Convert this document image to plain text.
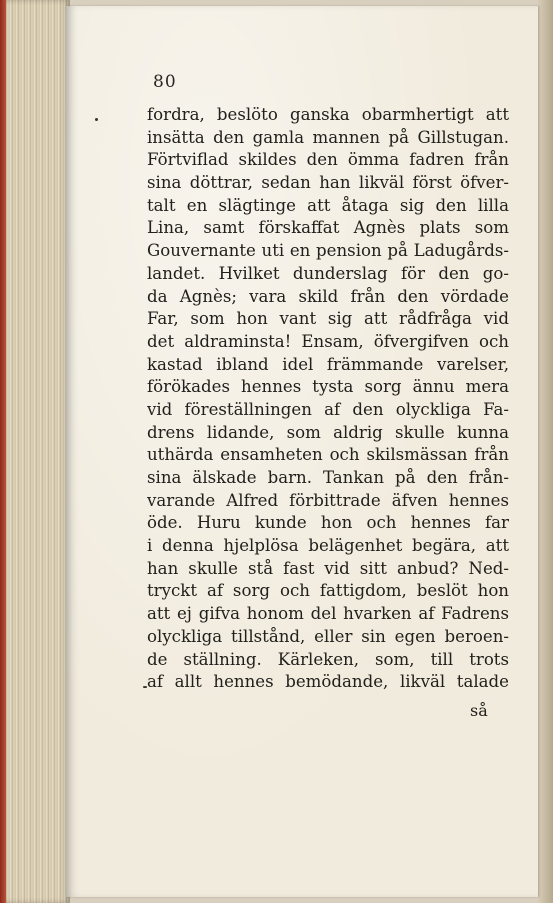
80
fordra, beslöto ganska obarmhertigt att
insätta den gamla mannen på Gillstugan.
Förtviflad skildes den ömma fadren från
sina döttrar, sedan han likväl först öfver-
talt en slägtinge att åtaga sig den lilla
Lina, samt förskaffat Agnès plats som
Gouvernante uti en pension på Ladugårds-
landet. Hvilket dunderslag för den go-
da Agnès; vara skild från den vördade
Far, som hon vant sig att rådfråga vid
det aldraminsta! Ensam, öfvergifven och
kastad ibland idel främmande varelser,
förökades hennes tysta sorg ännu mera
vid föreställningen af den olyckliga Fa-
drens lidande, som aldrig skulle kunna
uthärda ensamheten och skilsmässan från
sina älskade barn. Tankan på den från-
varande Alfred förbittrade äfven hennes
öde. Huru kunde hon och hennes far
i denna hjelplösa belägenhet begära, att
han skulle stå fast vid sitt anbud? Ned-
tryckt af sorg och fattigdom, beslöt hon
att ej gifva honom del hvarken af Fadrens
olyckliga tillstånd, eller sin egen beroen-
de ställning. Kärleken, som, till trots
af allt hennes bemödande, likväl talade
så
